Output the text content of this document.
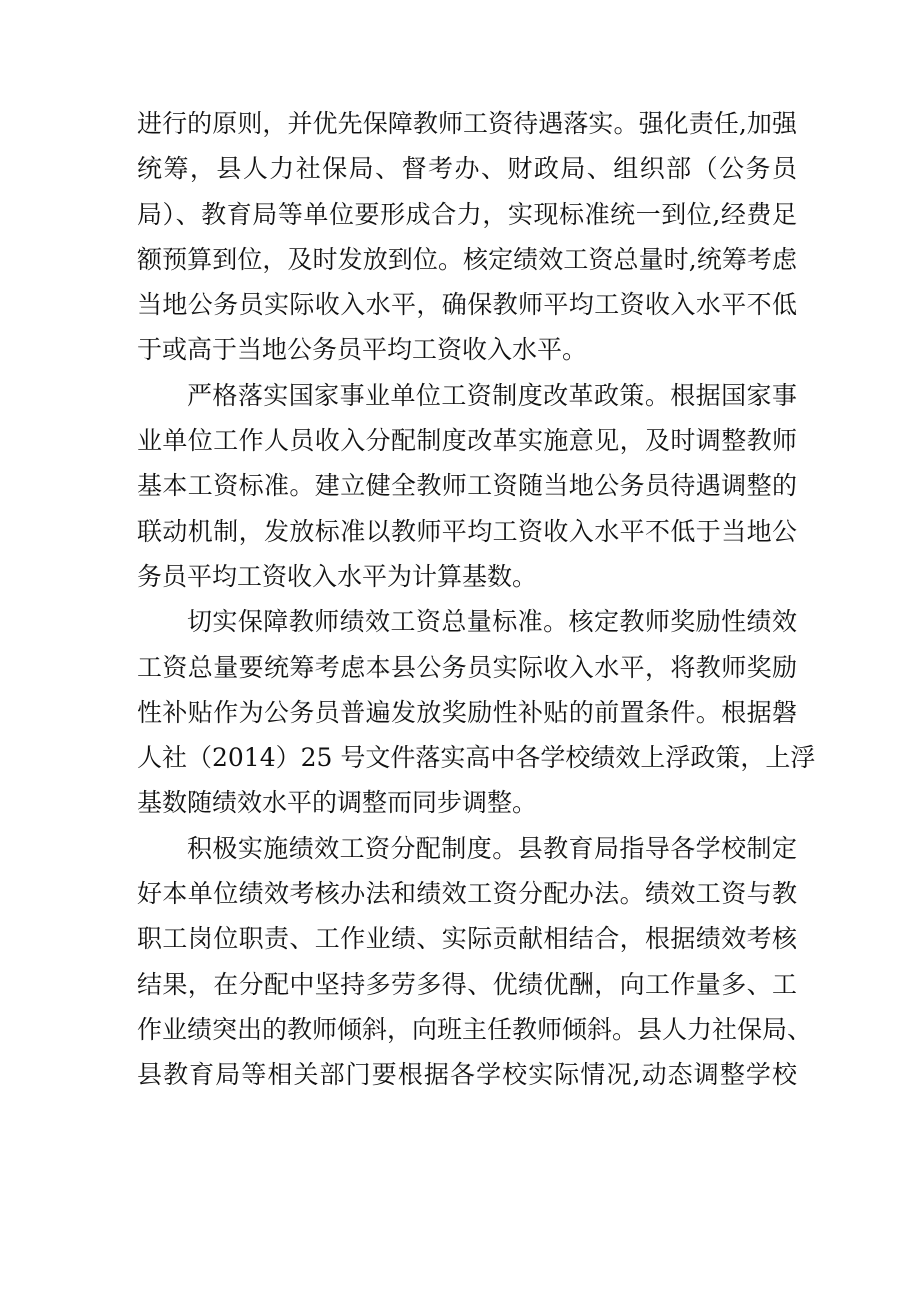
进行的原则，并优先保障教师工资待遇落实。强化责任,加强
统筹，县人力社保局、督考办、财政局、组织部（公务员
局）、教育局等单位要形成合力，实现标准统一到位,经费足
额预算到位，及时发放到位。核定绩效工资总量时,统筹考虑
当地公务员实际收入水平，确保教师平均工资收入水平不低
于或高于当地公务员平均工资收入水平。

严格落实国家事业单位工资制度改革政策。根据国家事
业单位工作人员收入分配制度改革实施意见，及时调整教师
基本工资标准。建立健全教师工资随当地公务员待遇调整的
联动机制，发放标准以教师平均工资收入水平不低于当地公
务员平均工资收入水平为计算基数。

切实保障教师绩效工资总量标准。核定教师奖励性绩效
工资总量要统筹考虑本县公务员实际收入水平，将教师奖励
性补贴作为公务员普遍发放奖励性补贴的前置条件。根据磐
人社（2014）25 号文件落实高中各学校绩效上浮政策，上浮
基数随绩效水平的调整而同步调整。

积极实施绩效工资分配制度。县教育局指导各学校制定
好本单位绩效考核办法和绩效工资分配办法。绩效工资与教
职工岗位职责、工作业绩、实际贡献相结合，根据绩效考核
结果，在分配中坚持多劳多得、优绩优酬，向工作量多、工
作业绩突出的教师倾斜，向班主任教师倾斜。县人力社保局、
县教育局等相关部门要根据各学校实际情况,动态调整学校
